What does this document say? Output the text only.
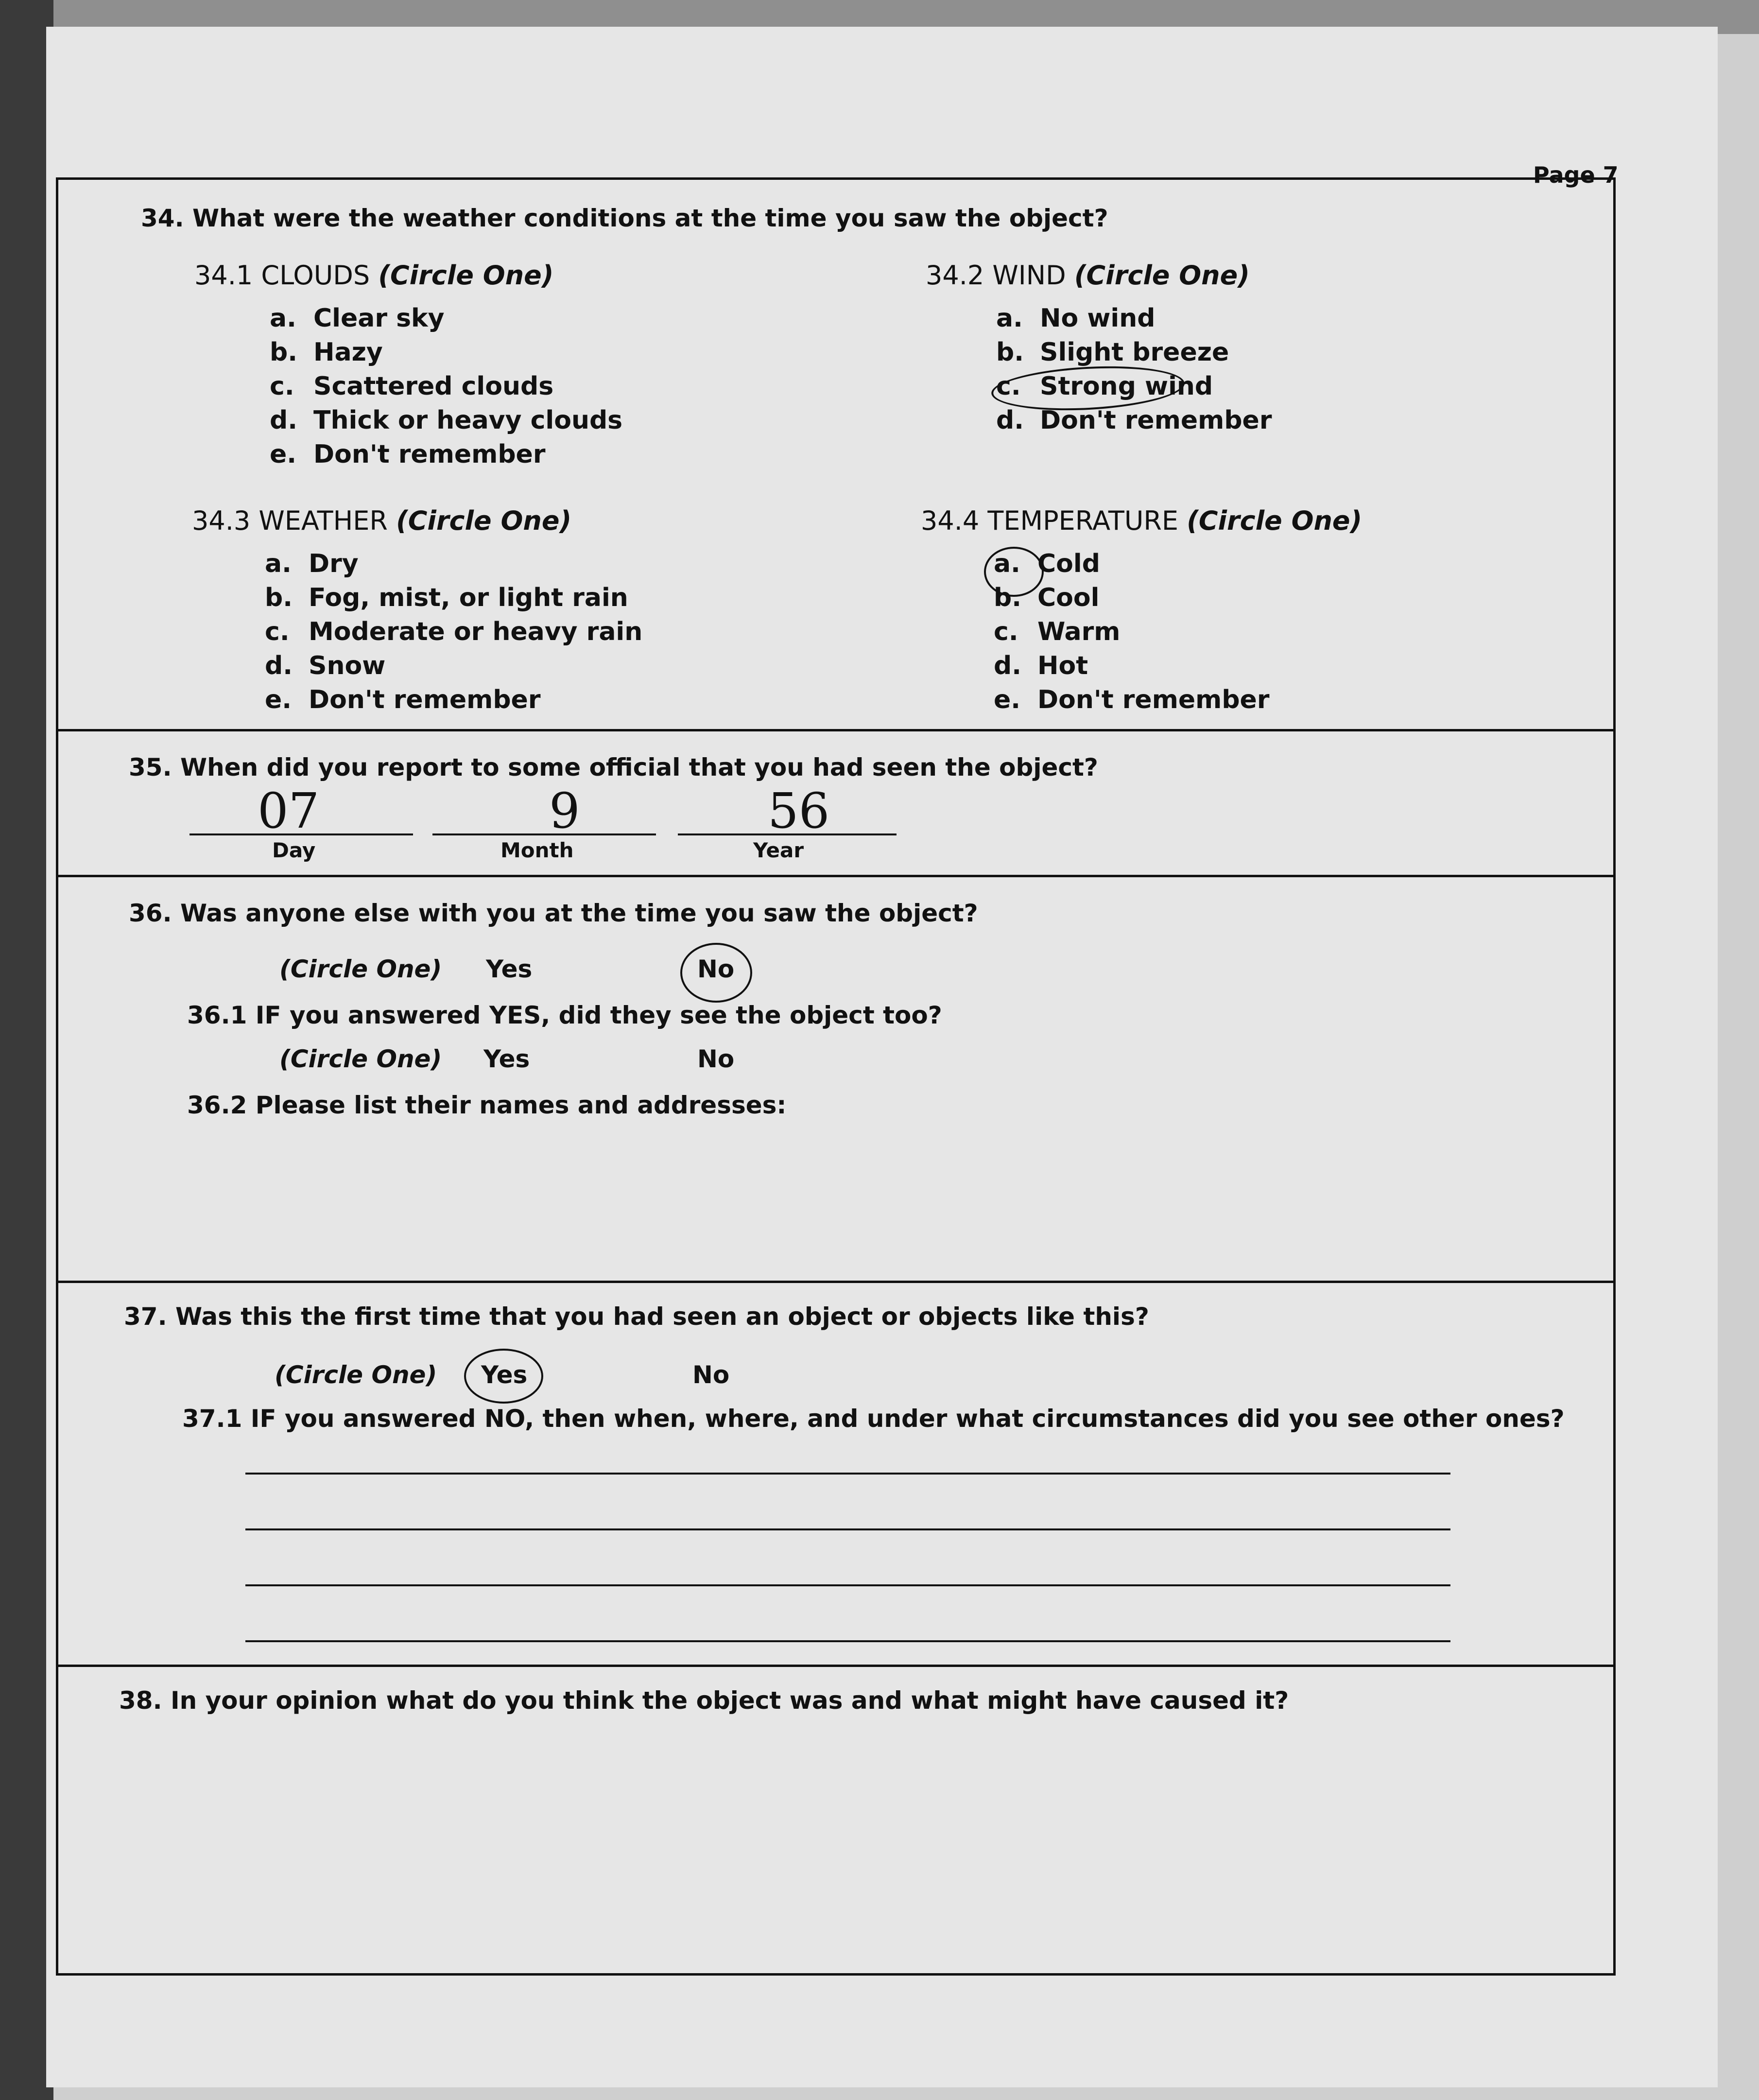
Page 7
34. What were the weather conditions at the time you saw the object?
34.1 CLOUDS (Circle One)
a. Clear sky
b. Hazy
c. Scattered clouds
d. Thick or heavy clouds
e. Don't remember
34.2 WIND (Circle One)
a. No wind
b. Slight breeze
c. Strong wind
d. Don't remember
34.3 WEATHER (Circle One)
a. Dry
b. Fog, mist, or light rain
c. Moderate or heavy rain
d. Snow
e. Don't remember
34.4 TEMPERATURE (Circle One)
a. Cold
b. Cool
c. Warm
d. Hot
e. Don't remember
35. When did you report to some official that you had seen the object?
07
Day
9
Month
56
Year
36. Was anyone else with you at the time you saw the object?
(Circle One) Yes	No
36.1 IF you answered YES, did they see the object too?
(Circle One) Yes	No
36.2 Please list their names and addresses:
37. Was this the first time that you had seen an object or objects like this?
(Circle One) Yes	No
37.1 IF you answered NO, then when, where, and under what circumstances did you see other ones?
38. In your opinion what do you think the object was and what might have caused it?
